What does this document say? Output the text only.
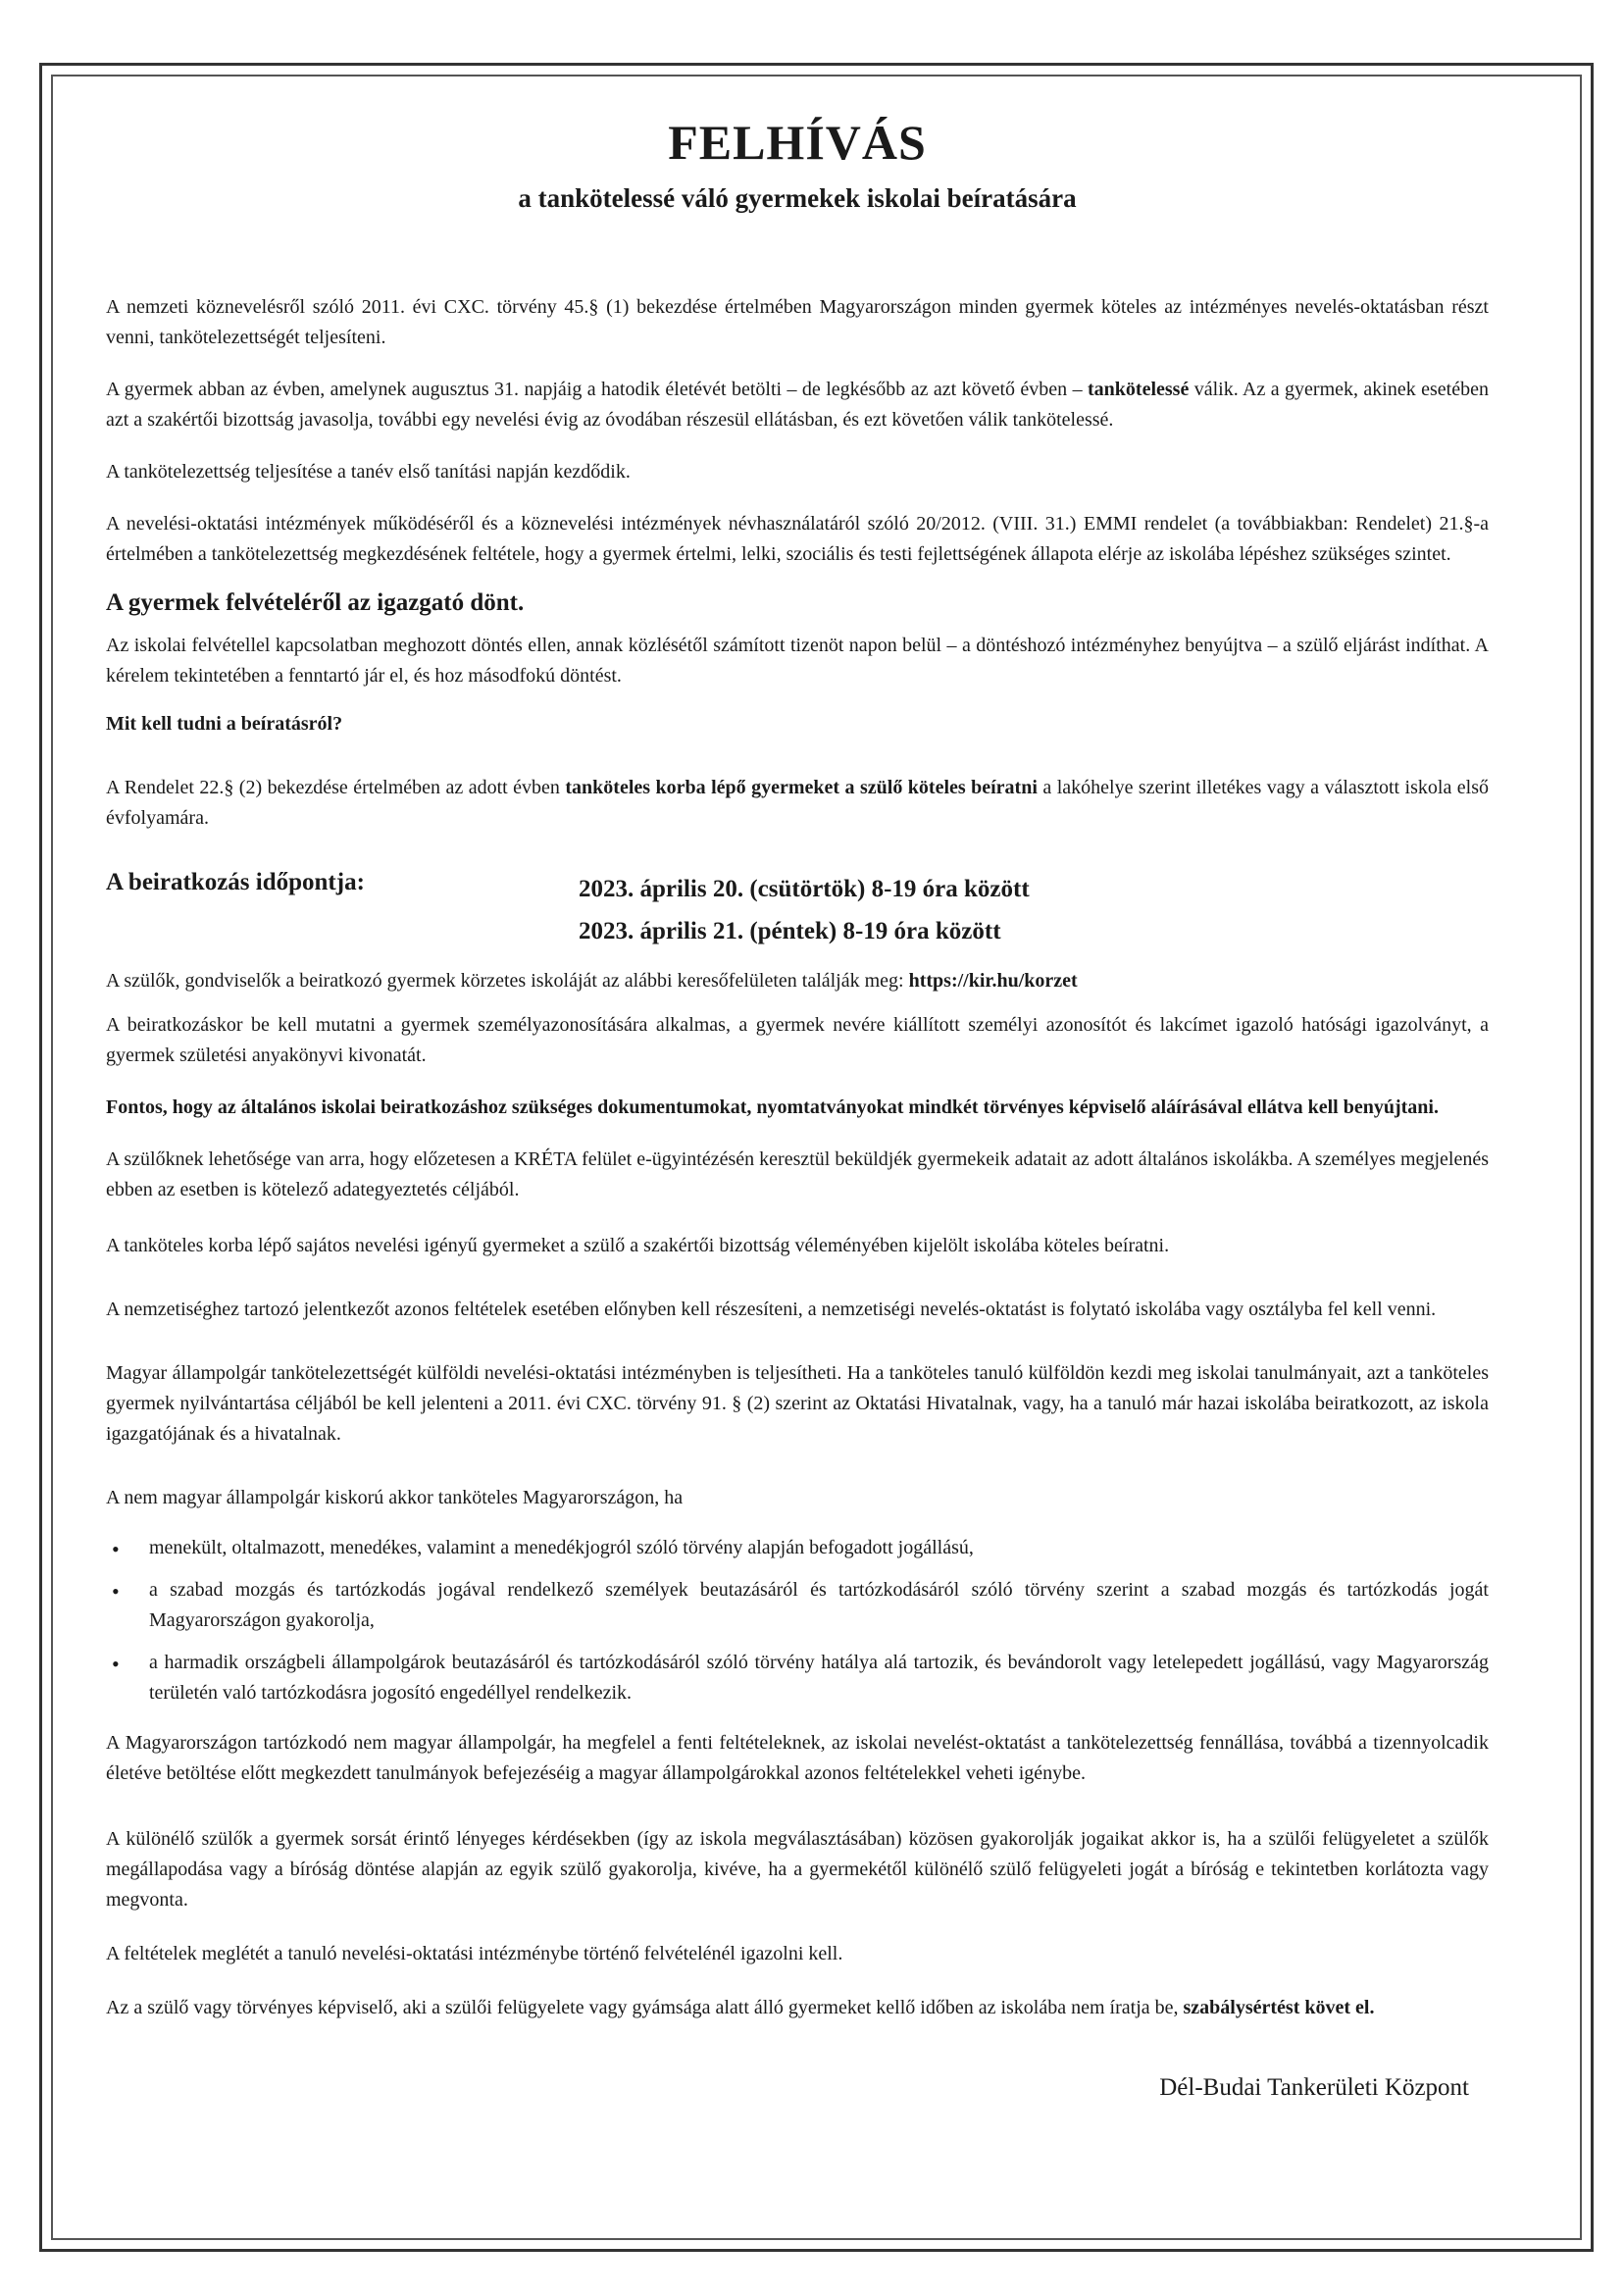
FELHÍVÁS
a tankötelessé váló gyermekek iskolai beíratására

A nemzeti köznevelésről szóló 2011. évi CXC. törvény 45.§ (1) bekezdése értelmében Magyarországon minden gyermek köteles az intézményes nevelés-oktatásban részt venni, tankötelezettségét teljesíteni.

A gyermek abban az évben, amelynek augusztus 31. napjáig a hatodik életévét betölti – de legkésőbb az azt követő évben – tankötelessé válik. Az a gyermek, akinek esetében azt a szakértői bizottság javasolja, további egy nevelési évig az óvodában részesül ellátásban, és ezt követően válik tankötelessé.

A tankötelezettség teljesítése a tanév első tanítási napján kezdődik.

A nevelési-oktatási intézmények működéséről és a köznevelési intézmények névhasználatáról szóló 20/2012. (VIII. 31.) EMMI rendelet (a továbbiakban: Rendelet) 21.§-a értelmében a tankötelezettség megkezdésének feltétele, hogy a gyermek értelmi, lelki, szociális és testi fejlettségének állapota elérje az iskolába lépéshez szükséges szintet.

A gyermek felvételéről az igazgató dönt.

Az iskolai felvétellel kapcsolatban meghozott döntés ellen, annak közlésétől számított tizenöt napon belül – a döntéshozó intézményhez benyújtva – a szülő eljárást indíthat. A kérelem tekintetében a fenntartó jár el, és hoz másodfokú döntést.

Mit kell tudni a beíratásról?

A Rendelet 22.§ (2) bekezdése értelmében az adott évben tanköteles korba lépő gyermeket a szülő köteles beíratni a lakóhelye szerint illetékes vagy a választott iskola első évfolyamára.

A beiratkozás időpontja:	2023. április 20. (csütörtök) 8-19 óra között
2023. április 21. (péntek) 8-19 óra között

A szülők, gondviselők a beiratkozó gyermek körzetes iskoláját az alábbi keresőfelületen találják meg: https://kir.hu/korzet

A beiratkozáskor be kell mutatni a gyermek személyazonosítására alkalmas, a gyermek nevére kiállított személyi azonosítót és lakcímet igazoló hatósági igazolványt, a gyermek születési anyakönyvi kivonatát.

Fontos, hogy az általános iskolai beiratkozáshoz szükséges dokumentumokat, nyomtatványokat mindkét törvényes képviselő aláírásával ellátva kell benyújtani.

A szülőknek lehetősége van arra, hogy előzetesen a KRÉTA felület e-ügyintézésén keresztül beküldjék gyermekeik adatait az adott általános iskolákba. A személyes megjelenés ebben az esetben is kötelező adategyeztetés céljából.

A tanköteles korba lépő sajátos nevelési igényű gyermeket a szülő a szakértői bizottság véleményében kijelölt iskolába köteles beíratni.

A nemzetiséghez tartozó jelentkezőt azonos feltételek esetében előnyben kell részesíteni, a nemzetiségi nevelés-oktatást is folytató iskolába vagy osztályba fel kell venni.

Magyar állampolgár tankötelezettségét külföldi nevelési-oktatási intézményben is teljesítheti. Ha a tanköteles tanuló külföldön kezdi meg iskolai tanulmányait, azt a tanköteles gyermek nyilvántartása céljából be kell jelenteni a 2011. évi CXC. törvény 91. § (2) szerint az Oktatási Hivatalnak, vagy, ha a tanuló már hazai iskolába beiratkozott, az iskola igazgatójának és a hivatalnak.

A nem magyar állampolgár kiskorú akkor tanköteles Magyarországon, ha

• menekült, oltalmazott, menedékes, valamint a menedékjogról szóló törvény alapján befogadott jogállású,
• a szabad mozgás és tartózkodás jogával rendelkező személyek beutazásáról és tartózkodásáról szóló törvény szerint a szabad mozgás és tartózkodás jogát Magyarországon gyakorolja,
• a harmadik országbeli állampolgárok beutazásáról és tartózkodásáról szóló törvény hatálya alá tartozik, és bevándorolt vagy letelepedett jogállású, vagy Magyarország területén való tartózkodásra jogosító engedéllyel rendelkezik.

A Magyarországon tartózkodó nem magyar állampolgár, ha megfelel a fenti feltételeknek, az iskolai nevelést-oktatást a tankötelezettség fennállása, továbbá a tizennyolcadik életéve betöltése előtt megkezdett tanulmányok befejezéséig a magyar állampolgárokkal azonos feltételekkel veheti igénybe.

A különélő szülők a gyermek sorsát érintő lényeges kérdésekben (így az iskola megválasztásában) közösen gyakorolják jogaikat akkor is, ha a szülői felügyeletet a szülők megállapodása vagy a bíróság döntése alapján az egyik szülő gyakorolja, kivéve, ha a gyermekétől különélő szülő felügyeleti jogát a bíróság e tekintetben korlátozta vagy megvonta.

A feltételek meglétét a tanuló nevelési-oktatási intézménybe történő felvételénél igazolni kell.

Az a szülő vagy törvényes képviselő, aki a szülői felügyelete vagy gyámsága alatt álló gyermeket kellő időben az iskolába nem íratja be, szabálysértést követ el.

Dél-Budai Tankerületi Központ
